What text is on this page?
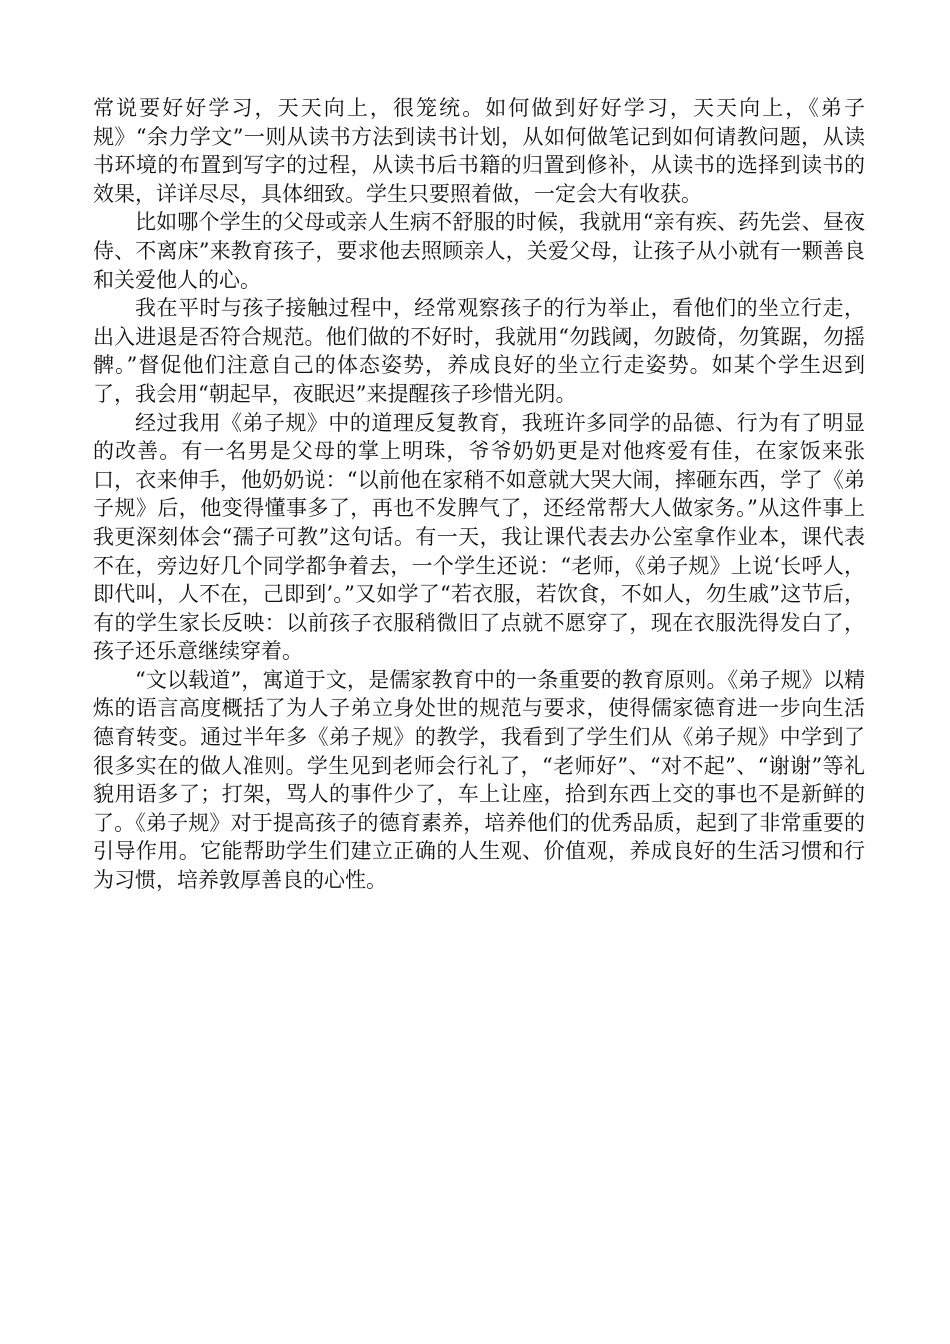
常说要好好学习，天天向上，很笼统。如何做到好好学习，天天向上，《弟子规》“余力学文”一则从读书方法到读书计划，从如何做笔记到如何请教问题，从读书环境的布置到写字的过程，从读书后书籍的归置到修补，从读书的选择到读书的效果，详详尽尽，具体细致。学生只要照着做，一定会大有收获。

比如哪个学生的父母或亲人生病不舒服的时候，我就用“亲有疾、药先尝、昼夜侍、不离床”来教育孩子，要求他去照顾亲人，关爱父母，让孩子从小就有一颗善良和关爱他人的心。

我在平时与孩子接触过程中，经常观察孩子的行为举止，看他们的坐立行走，出入进退是否符合规范。他们做的不好时，我就用“勿践阈，勿跛倚，勿箕踞，勿摇髀。”督促他们注意自己的体态姿势，养成良好的坐立行走姿势。如某个学生迟到了，我会用“朝起早，夜眠迟”来提醒孩子珍惜光阴。

经过我用《弟子规》中的道理反复教育，我班许多同学的品德、行为有了明显的改善。有一名男是父母的掌上明珠，爷爷奶奶更是对他疼爱有佳，在家饭来张口，衣来伸手，他奶奶说：“以前他在家稍不如意就大哭大闹，摔砸东西，学了《弟子规》后，他变得懂事多了，再也不发脾气了，还经常帮大人做家务。”从这件事上我更深刻体会“孺子可教”这句话。有一天，我让课代表去办公室拿作业本，课代表不在，旁边好几个同学都争着去，一个学生还说：“老师，《弟子规》上说‘长呼人，即代叫，人不在，己即到’。”又如学了“若衣服，若饮食，不如人，勿生戚”这节后，有的学生家长反映：以前孩子衣服稍微旧了点就不愿穿了，现在衣服洗得发白了，孩子还乐意继续穿着。

“文以载道”，寓道于文，是儒家教育中的一条重要的教育原则。《弟子规》以精炼的语言高度概括了为人子弟立身处世的规范与要求，使得儒家德育进一步向生活德育转变。通过半年多《弟子规》的教学，我看到了学生们从《弟子规》中学到了很多实在的做人准则。学生见到老师会行礼了，“老师好”、“对不起”、“谢谢”等礼貌用语多了；打架，骂人的事件少了，车上让座，拾到东西上交的事也不是新鲜的了。《弟子规》对于提高孩子的德育素养，培养他们的优秀品质，起到了非常重要的引导作用。它能帮助学生们建立正确的人生观、价值观，养成良好的生活习惯和行为习惯，培养敦厚善良的心性。
